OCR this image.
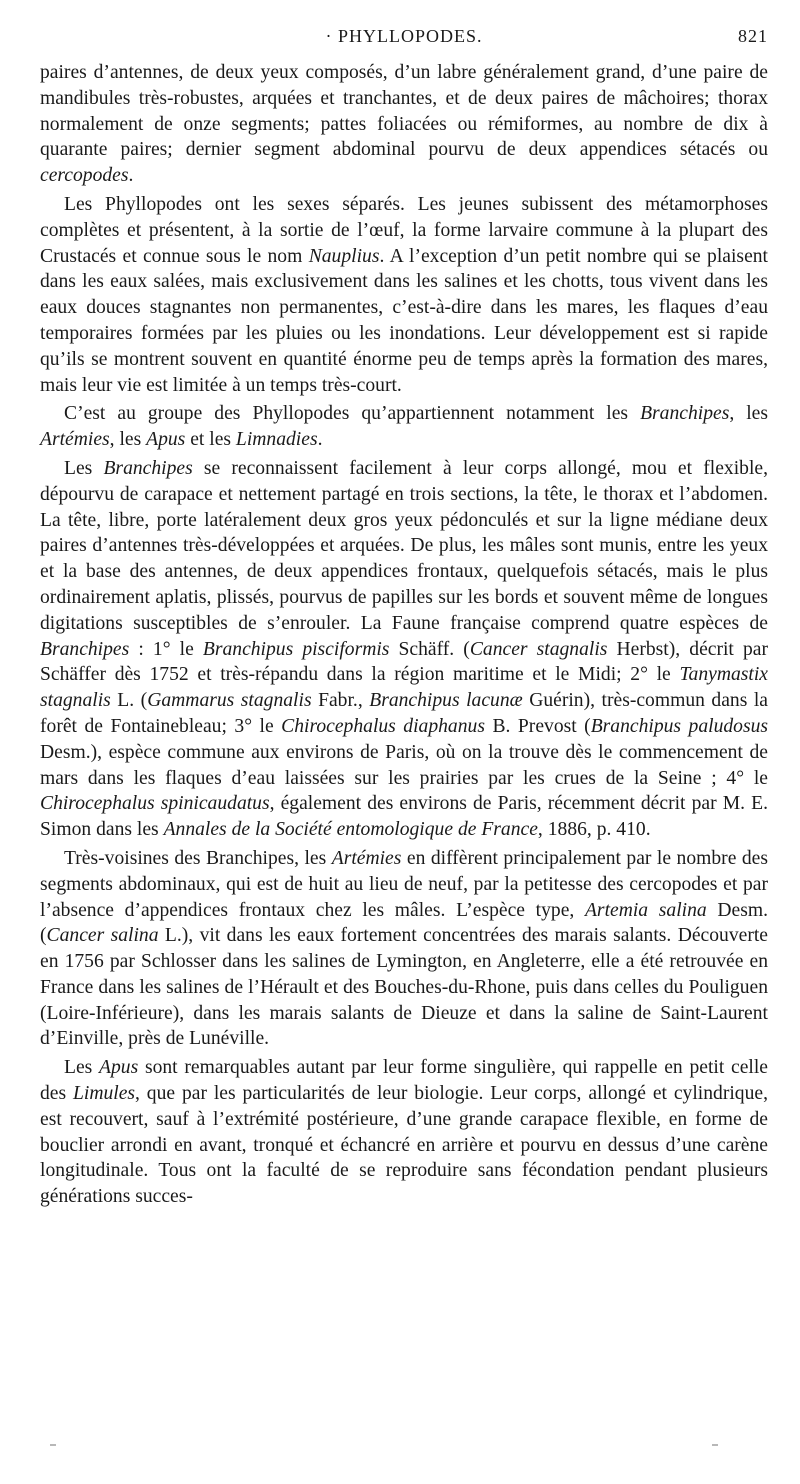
· PHYLLOPODES.	821

paires d’antennes, de deux yeux composés, d’un labre généralement grand, d’une paire de mandibules très-robustes, arquées et tranchantes, et de deux paires de mâchoires; thorax normalement de onze segments; pattes foliacées ou rémiformes, au nombre de dix à quarante paires; dernier segment abdominal pourvu de deux appendices sétacés ou cercopodes.

Les Phyllopodes ont les sexes séparés. Les jeunes subissent des métamorphoses complètes et présentent, à la sortie de l’œuf, la forme larvaire commune à la plupart des Crustacés et connue sous le nom Nauplius. A l’exception d’un petit nombre qui se plaisent dans les eaux salées, mais exclusivement dans les salines et les chotts, tous vivent dans les eaux douces stagnantes non permanentes, c’est-à-dire dans les mares, les flaques d’eau temporaires formées par les pluies ou les inondations. Leur développement est si rapide qu’ils se montrent souvent en quantité énorme peu de temps après la formation des mares, mais leur vie est limitée à un temps très-court.

C’est au groupe des Phyllopodes qu’appartiennent notamment les Branchipes, les Artémies, les Apus et les Limnadies.

Les Branchipes se reconnaissent facilement à leur corps allongé, mou et flexible, dépourvu de carapace et nettement partagé en trois sections, la tête, le thorax et l’abdomen. La tête, libre, porte latéralement deux gros yeux pédonculés et sur la ligne médiane deux paires d’antennes très-développées et arquées. De plus, les mâles sont munis, entre les yeux et la base des antennes, de deux appendices frontaux, quelquefois sétacés, mais le plus ordinairement aplatis, plissés, pourvus de papilles sur les bords et souvent même de longues digitations susceptibles de s’enrouler. La Faune française comprend quatre espèces de Branchipes : 1° le Branchipus pisciformis Schäff. (Cancer stagnalis Herbst), décrit par Schäffer dès 1752 et très-répandu dans la région maritime et le Midi; 2° le Tanymastix stagnalis L. (Gammarus stagnalis Fabr., Branchipus lacunæ Guérin), très-commun dans la forêt de Fontainebleau; 3° le Chirocephalus diaphanus B. Prevost (Branchipus paludosus Desm.), espèce commune aux environs de Paris, où on la trouve dès le commencement de mars dans les flaques d’eau laissées sur les prairies par les crues de la Seine ; 4° le Chirocephalus spinicaudatus, également des environs de Paris, récemment décrit par M. E. Simon dans les Annales de la Société entomologique de France, 1886, p. 410.

Très-voisines des Branchipes, les Artémies en diffèrent principalement par le nombre des segments abdominaux, qui est de huit au lieu de neuf, par la petitesse des cercopodes et par l’absence d’appendices frontaux chez les mâles. L’espèce type, Artemia salina Desm. (Cancer salina L.), vit dans les eaux fortement concentrées des marais salants. Découverte en 1756 par Schlosser dans les salines de Lymington, en Angleterre, elle a été retrouvée en France dans les salines de l’Hérault et des Bouches-du-Rhone, puis dans celles du Pouliguen (Loire-Inférieure), dans les marais salants de Dieuze et dans la saline de Saint-Laurent d’Einville, près de Lunéville.

Les Apus sont remarquables autant par leur forme singulière, qui rappelle en petit celle des Limules, que par les particularités de leur biologie. Leur corps, allongé et cylindrique, est recouvert, sauf à l’extrémité postérieure, d’une grande carapace flexible, en forme de bouclier arrondi en avant, tronqué et échancré en arrière et pourvu en dessus d’une carène longitudinale. Tous ont la faculté de se reproduire sans fécondation pendant plusieurs générations succes-
